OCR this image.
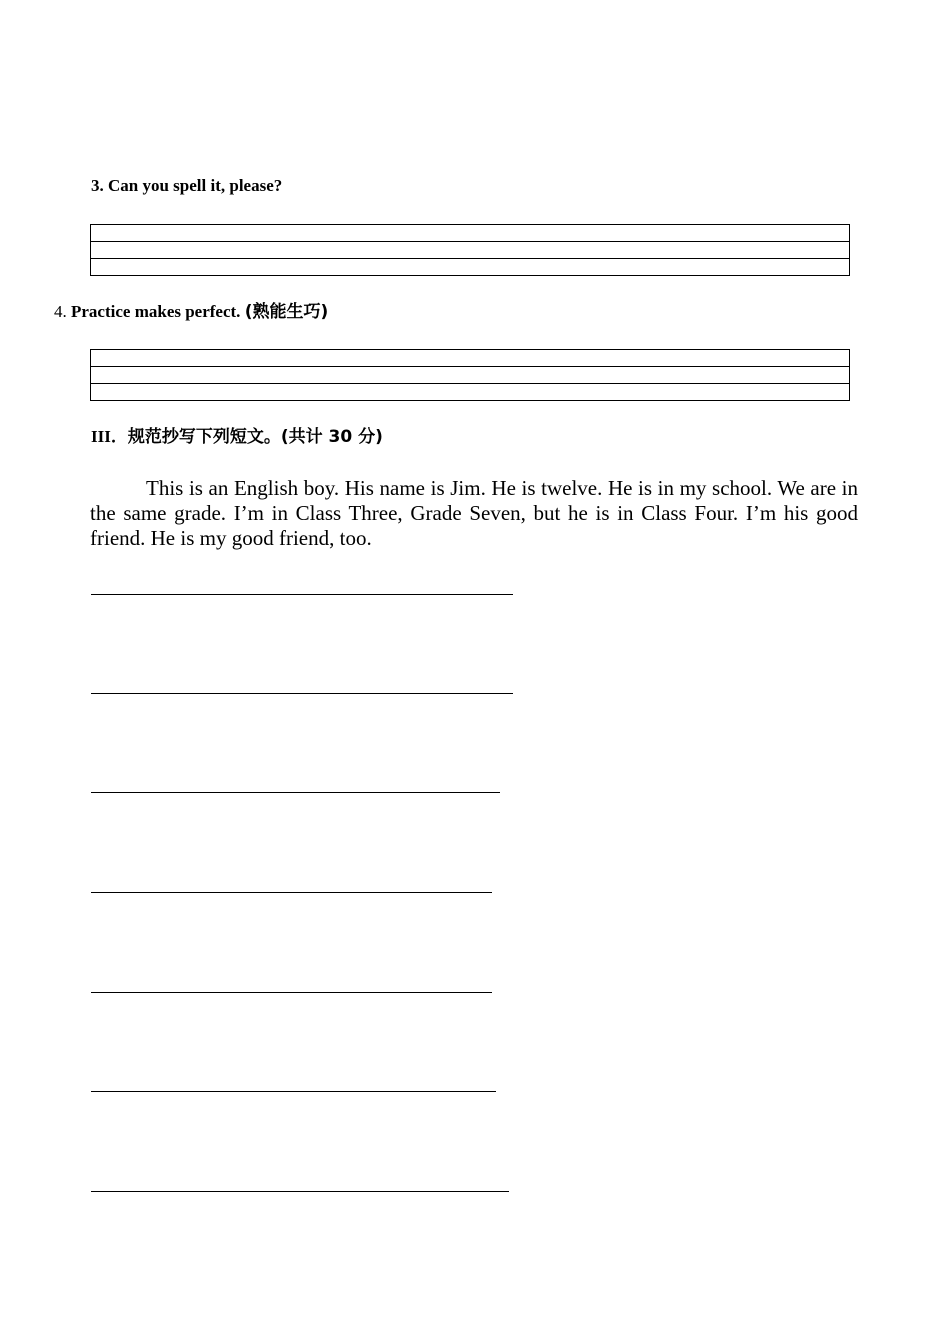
3. Can you spell it, please?
4. Practice makes perfect. (熟能生巧)
III．规范抄写下列短文。(共计 30 分)
This is an English boy. His name is Jim. He is twelve. He is in my school. We are in the same grade. I’m in Class Three, Grade Seven, but he is in Class Four. I’m his good friend. He is my good friend, too.
